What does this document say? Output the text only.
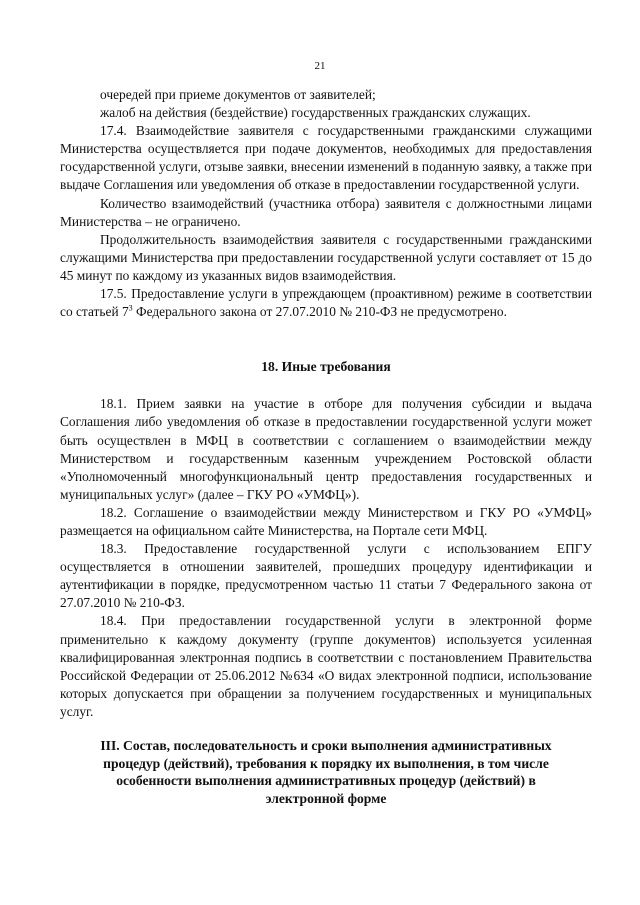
21

очередей при приеме документов от заявителей;

жалоб на действия (бездействие) государственных гражданских служащих.

17.4. Взаимодействие заявителя с государственными гражданскими служащими Министерства осуществляется при подаче документов, необходимых для предоставления государственной услуги, отзыве заявки, внесении изменений в поданную заявку, а также при выдаче Соглашения или уведомления об отказе в предоставлении государственной услуги.

Количество взаимодействий (участника отбора) заявителя с должностными лицами Министерства – не ограничено.

Продолжительность взаимодействия заявителя с государственными гражданскими служащими Министерства при предоставлении государственной услуги составляет от 15 до 45 минут по каждому из указанных видов взаимодействия.

17.5. Предоставление услуги в упреждающем (проактивном) режиме в соответствии со статьей $7^3$ Федерального закона от 27.07.2010 № 210-ФЗ не предусмотрено.

18. Иные требования

18.1. Прием заявки на участие в отборе для получения субсидии и выдача Соглашения либо уведомления об отказе в предоставлении государственной услуги может быть осуществлен в МФЦ в соответствии с соглашением о взаимодействии между Министерством и государственным казенным учреждением Ростовской области «Уполномоченный многофункциональный центр предоставления государственных и муниципальных услуг» (далее – ГКУ РО «УМФЦ»).

18.2. Соглашение о взаимодействии между Министерством и ГКУ РО «УМФЦ» размещается на официальном сайте Министерства, на Портале сети МФЦ.

18.3. Предоставление государственной услуги с использованием ЕПГУ осуществляется в отношении заявителей, прошедших процедуру идентификации и аутентификации в порядке, предусмотренном частью 11 статьи 7 Федерального закона от 27.07.2010 № 210-ФЗ.

18.4. При предоставлении государственной услуги в электронной форме применительно к каждому документу (группе документов) используется усиленная квалифицированная электронная подпись в соответствии с постановлением Правительства Российской Федерации от 25.06.2012 №634 «О видах электронной подписи, использование которых допускается при обращении за получением государственных и муниципальных услуг.

III. Состав, последовательность и сроки выполнения административных процедур (действий), требования к порядку их выполнения, в том числе особенности выполнения административных процедур (действий) в электронной форме
